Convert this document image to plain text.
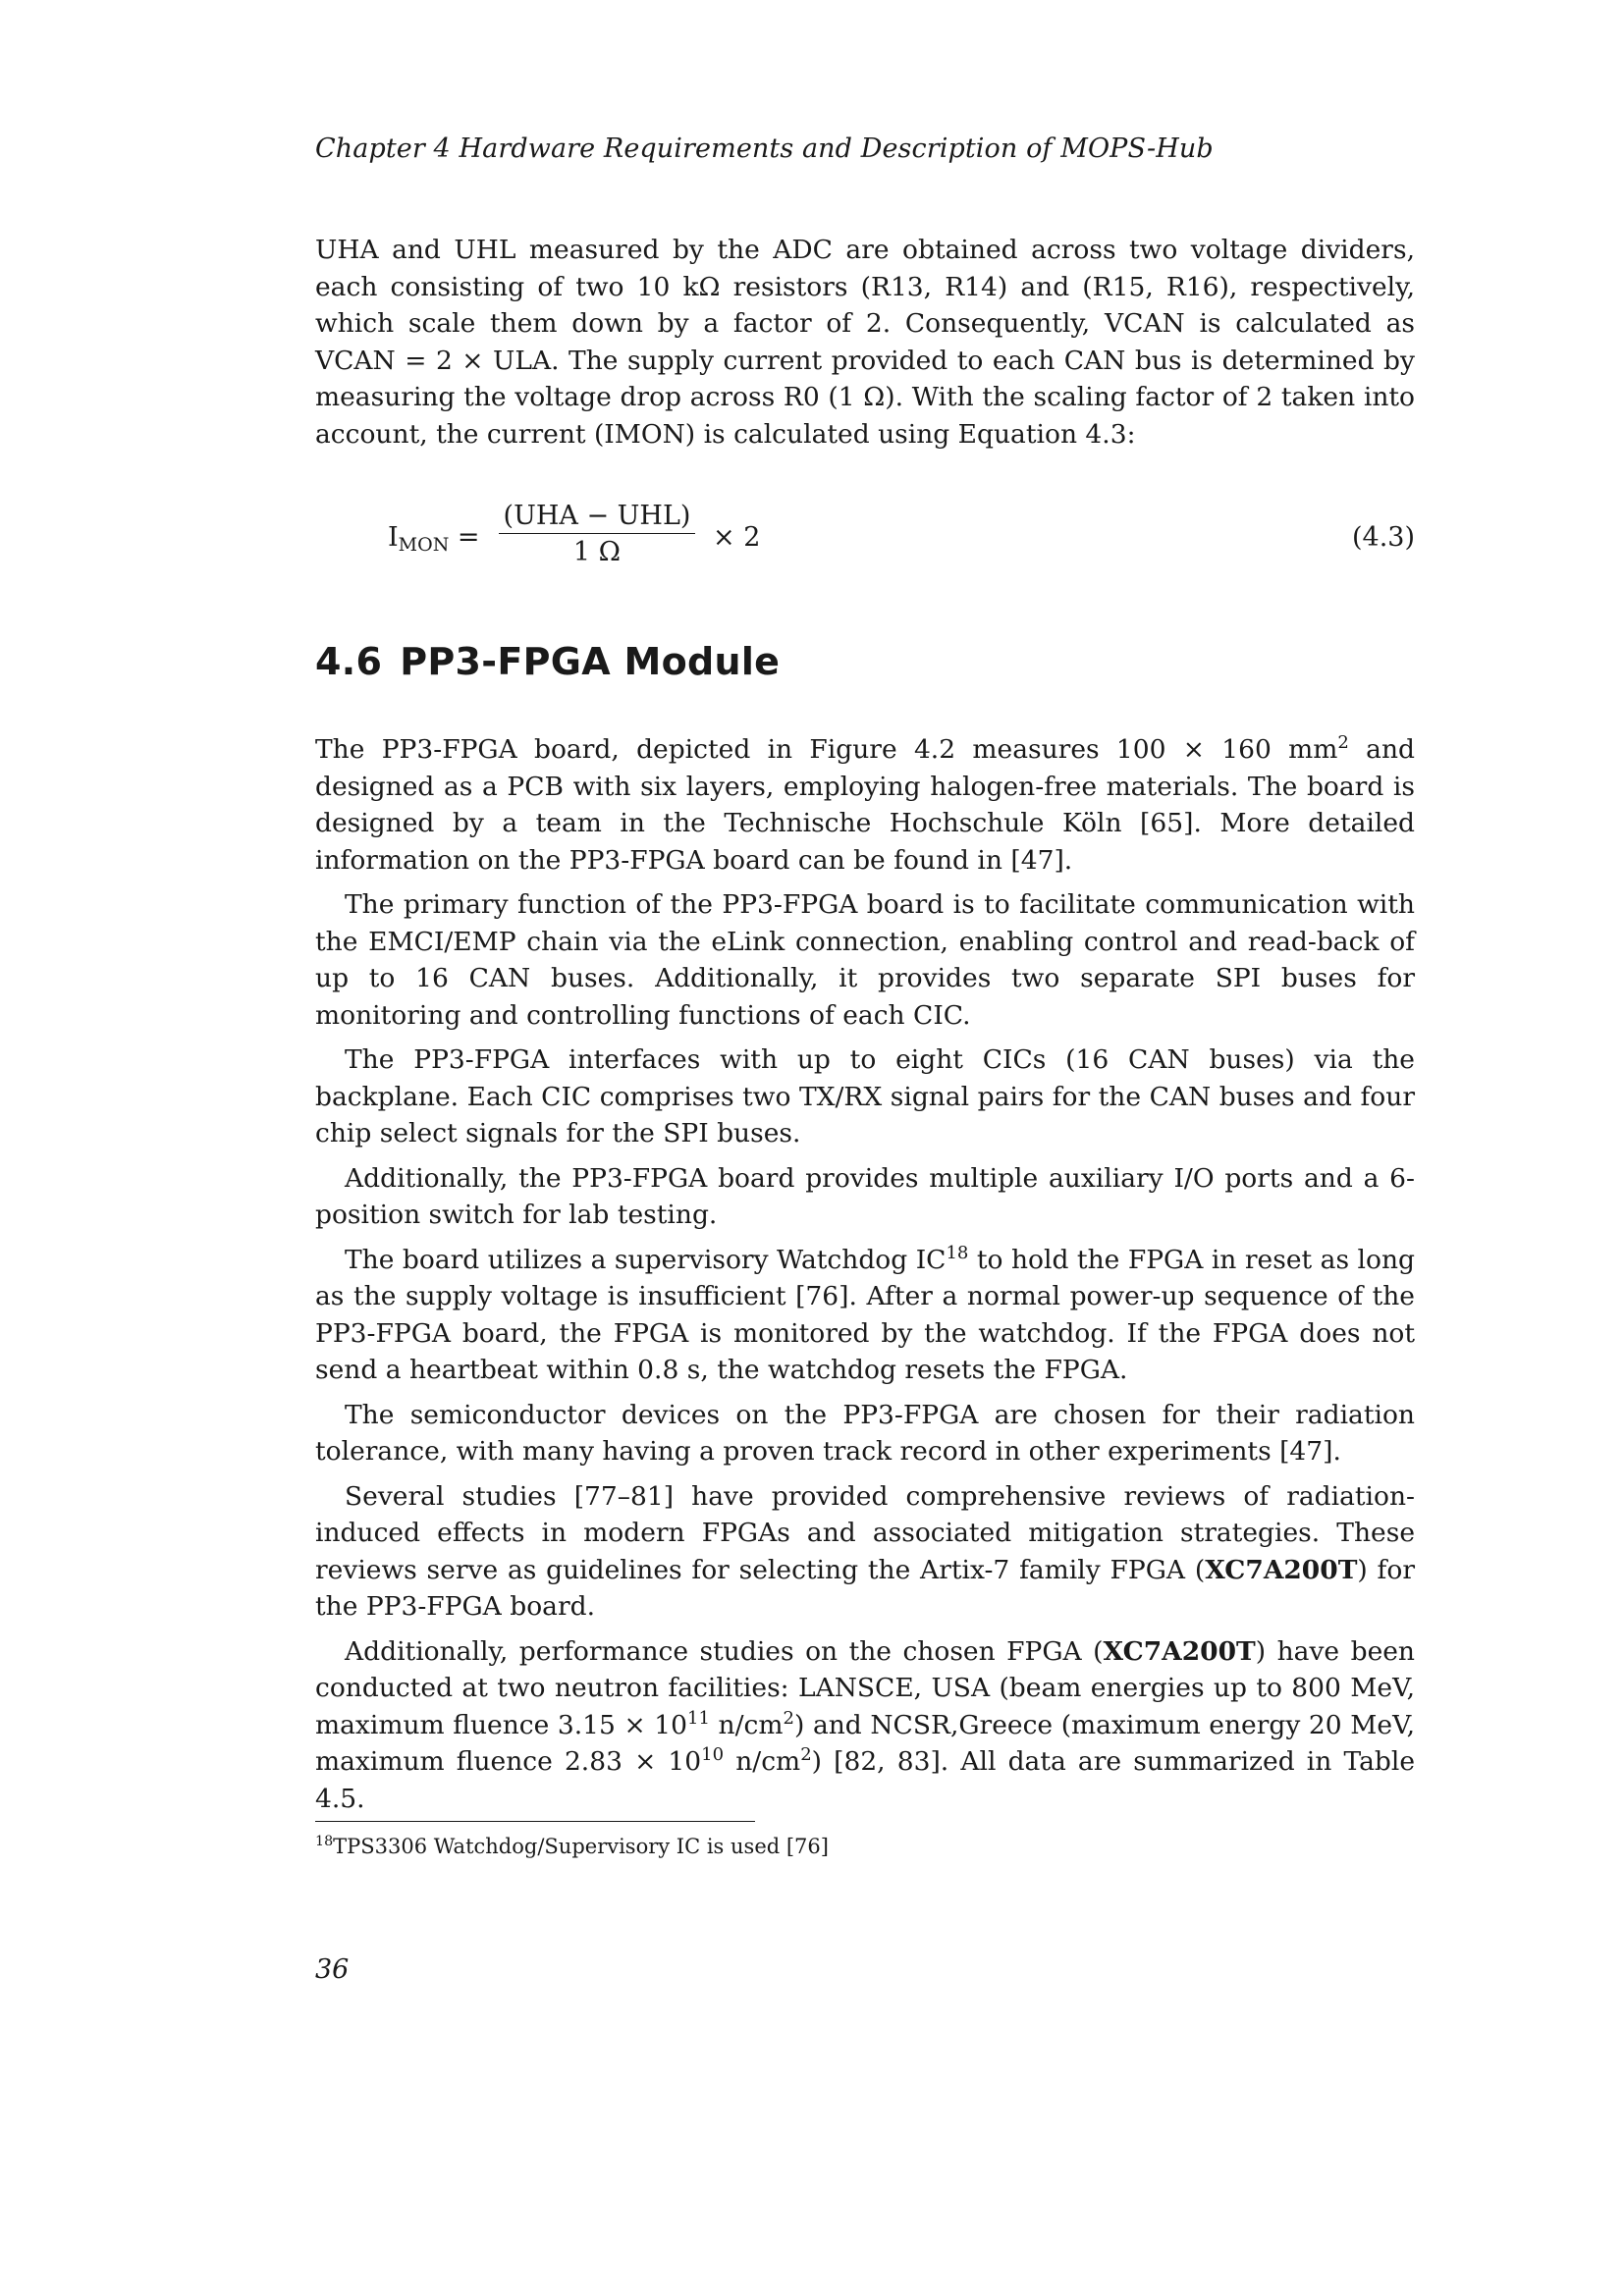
Chapter 4 Hardware Requirements and Description of MOPS-Hub

UHA and UHL measured by the ADC are obtained across two voltage dividers, each consisting of two 10 kΩ resistors (R13, R14) and (R15, R16), respectively, which scale them down by a factor of 2. Consequently, VCAN is calculated as VCAN = 2 × ULA. The supply current provided to each CAN bus is determined by measuring the voltage drop across R0 (1 Ω). With the scaling factor of 2 taken into account, the current (IMON) is calculated using Equation 4.3:

$I_{MON}$ =
(UHA − UHL)
1 Ω	× 2	(4.3)
4.6 PP3-FPGA Module

The PP3-FPGA board, depicted in Figure 4.2 measures 100 × 160 $mm^2$ and designed as a PCB with six layers, employing halogen-free materials. The board is designed by a team in the Technische Hochschule Köln [65]. More detailed information on the PP3-FPGA board can be found in [47].

The primary function of the PP3-FPGA board is to facilitate communication with the EMCI/EMP chain via the eLink connection, enabling control and read-back of up to 16 CAN buses. Additionally, it provides two separate SPI buses for monitoring and controlling functions of each CIC.

The PP3-FPGA interfaces with up to eight CICs (16 CAN buses) via the backplane. Each CIC comprises two TX/RX signal pairs for the CAN buses and four chip select signals for the SPI buses.

Additionally, the PP3-FPGA board provides multiple auxiliary I/O ports and a 6-position switch for lab testing.

The board utilizes a supervisory Watchdog IC$^{18}$ to hold the FPGA in reset as long as the supply voltage is insufficient [76]. After a normal power-up sequence of the PP3-FPGA board, the FPGA is monitored by the watchdog. If the FPGA does not send a heartbeat within 0.8 s, the watchdog resets the FPGA.

The semiconductor devices on the PP3-FPGA are chosen for their radiation tolerance, with many having a proven track record in other experiments [47].

Several studies [77–81] have provided comprehensive reviews of radiation-induced effects in modern FPGAs and associated mitigation strategies. These reviews serve as guidelines for selecting the Artix-7 family FPGA (XC7A200T) for the PP3-FPGA board.

Additionally, performance studies on the chosen FPGA (XC7A200T) have been conducted at two neutron facilities: LANSCE, USA (beam energies up to 800 MeV, maximum fluence $3.15 \times 10^{11}$ $n/cm^2$) and NCSR,Greece (maximum energy 20 MeV, maximum fluence $2.83 \times 10^{10}$ $n/cm^2$) [82, 83]. All data are summarized in Table 4.5.

$^{18}$TPS3306 Watchdog/Supervisory IC is used [76]
36
